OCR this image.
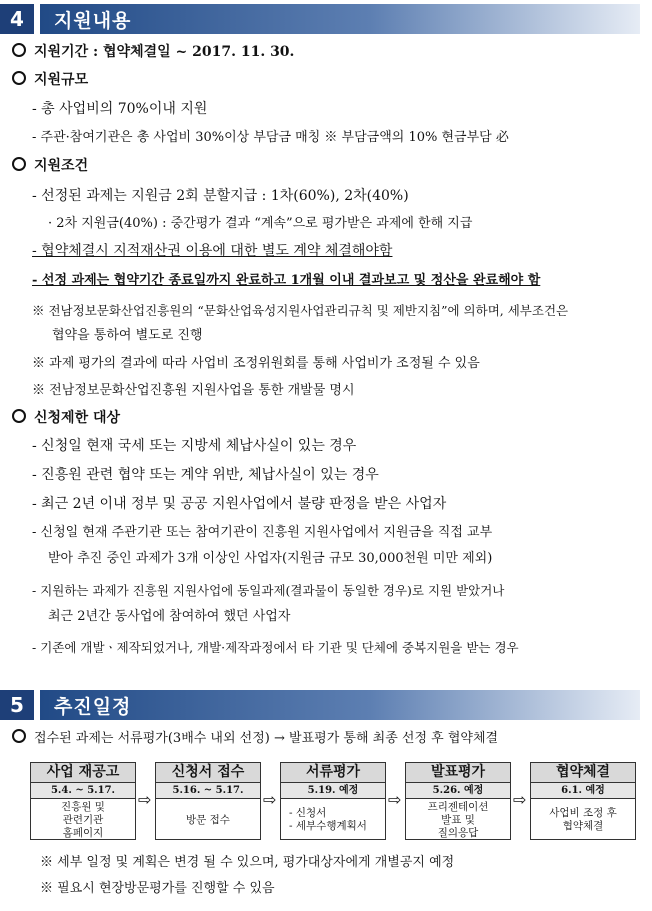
4	지원내용
지원기간 : 협약체결일 ~ 2017. 11. 30.
지원규모
- 총 사업비의 70%이내 지원
- 주관·참여기관은 총 사업비 30%이상 부담금 매칭 ※ 부담금액의 10% 현금부담 必
지원조건
- 선정된 과제는 지원금 2회 분할지급 : 1차(60%), 2차(40%)
· 2차 지원금(40%) : 중간평가 결과 “계속”으로 평가받은 과제에 한해 지급
- 협약체결시 지적재산권 이용에 대한 별도 계약 체결해야함
- 선정 과제는 협약기간 종료일까지 완료하고 1개월 이내 결과보고 및 정산을 완료해야 함
※ 전남정보문화산업진흥원의 “문화산업육성지원사업관리규칙 및 제반지침”에 의하며, 세부조건은
협약을 통하여 별도로 진행
※ 과제 평가의 결과에 따라 사업비 조정위원회를 통해 사업비가 조정될 수 있음
※ 전남정보문화산업진흥원 지원사업을 통한 개발물 명시
신청제한 대상
- 신청일 현재 국세 또는 지방세 체납사실이 있는 경우
- 진흥원 관련 협약 또는 계약 위반, 체납사실이 있는 경우
- 최근 2년 이내 정부 및 공공 지원사업에서 불량 판정을 받은 사업자
- 신청일 현재 주관기관 또는 참여기관이 진흥원 지원사업에서 지원금을 직접 교부
받아 추진 중인 과제가 3개 이상인 사업자(지원금 규모 30,000천원 미만 제외)
- 지원하는 과제가 진흥원 지원사업에 동일과제(결과물이 동일한 경우)로 지원 받았거나
최근 2년간 동사업에 참여하여 했던 사업자
- 기존에 개발ㆍ제작되었거나, 개발·제작과정에서 타 기관 및 단체에 중복지원을 받는 경우
5	추진일정
접수된 과제는 서류평가(3배수 내외 선정) → 발표평가 통해 최종 선정 후 협약체결
사업 재공고
5.4. ~ 5.17.
진흥원 및
관련기관
홈페이지
⇨
신청서 접수
5.16. ~ 5.17.
방문 접수
⇨
서류평가
5.19. 예정
- 신청서
- 세부수행계획서
⇨
발표평가
5.26. 예정
프리젠테이션
발표 및
질의응답
⇨
협약체결
6.1. 예정
사업비 조정 후
협약체결
※ 세부 일정 및 계획은 변경 될 수 있으며, 평가대상자에게 개별공지 예정
※ 필요시 현장방문평가를 진행할 수 있음
